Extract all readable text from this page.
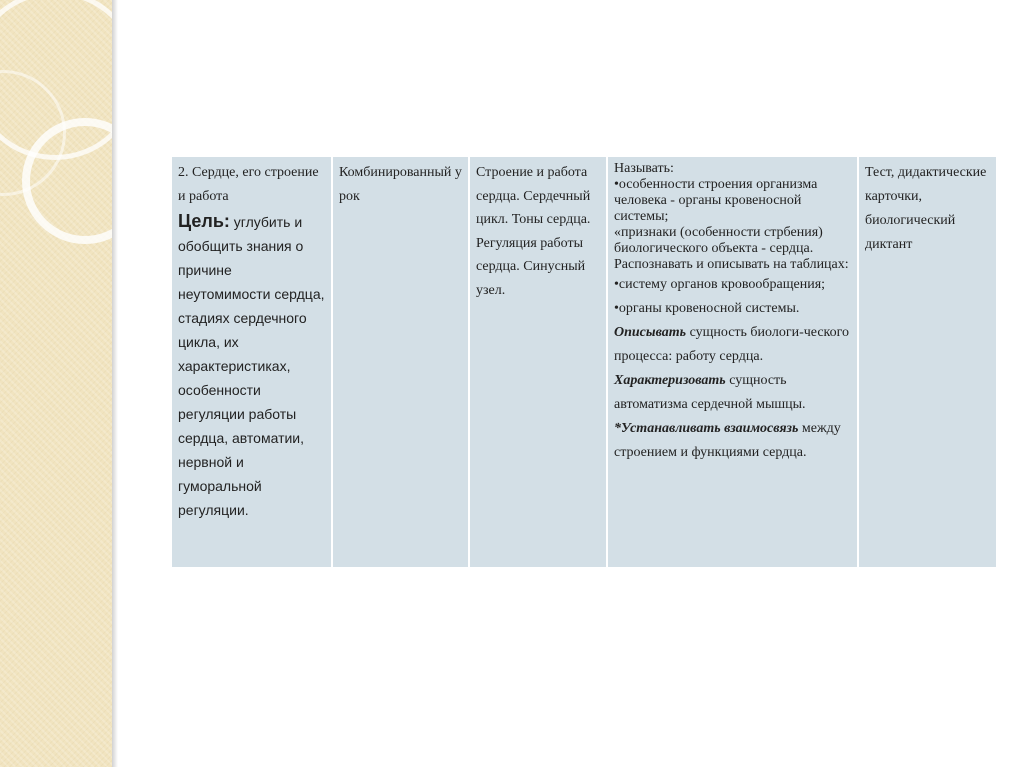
2. Сердце, его строение и работа
Цель: углубить и обобщить знания о причине неутомимости сердца, стадиях сердечного цикла, их характеристиках, особенности регуляции работы сердца, автоматии, нервной и гуморальной регуляции.

Комбинированный урок

Строение и работа сердца. Сердечный цикл. Тоны сердца. Регуляция работы сердца. Синусный узел.

Называть:
•особенности строения организма человека - органы кровеносной системы;
«признаки (особенности стрбения) биологического объекта - сердца.
Распознавать и описывать на таблицах:
•систему органов кровообращения; •органы кровеносной системы.
Описывать сущность биологи-ческого процесса: работу сердца. Характеризовать сущность автоматизма сердечной мышцы.
*Устанавливать взаимосвязь между строением и функциями сердца.

Тест, дидактические карточки, биологический диктант
